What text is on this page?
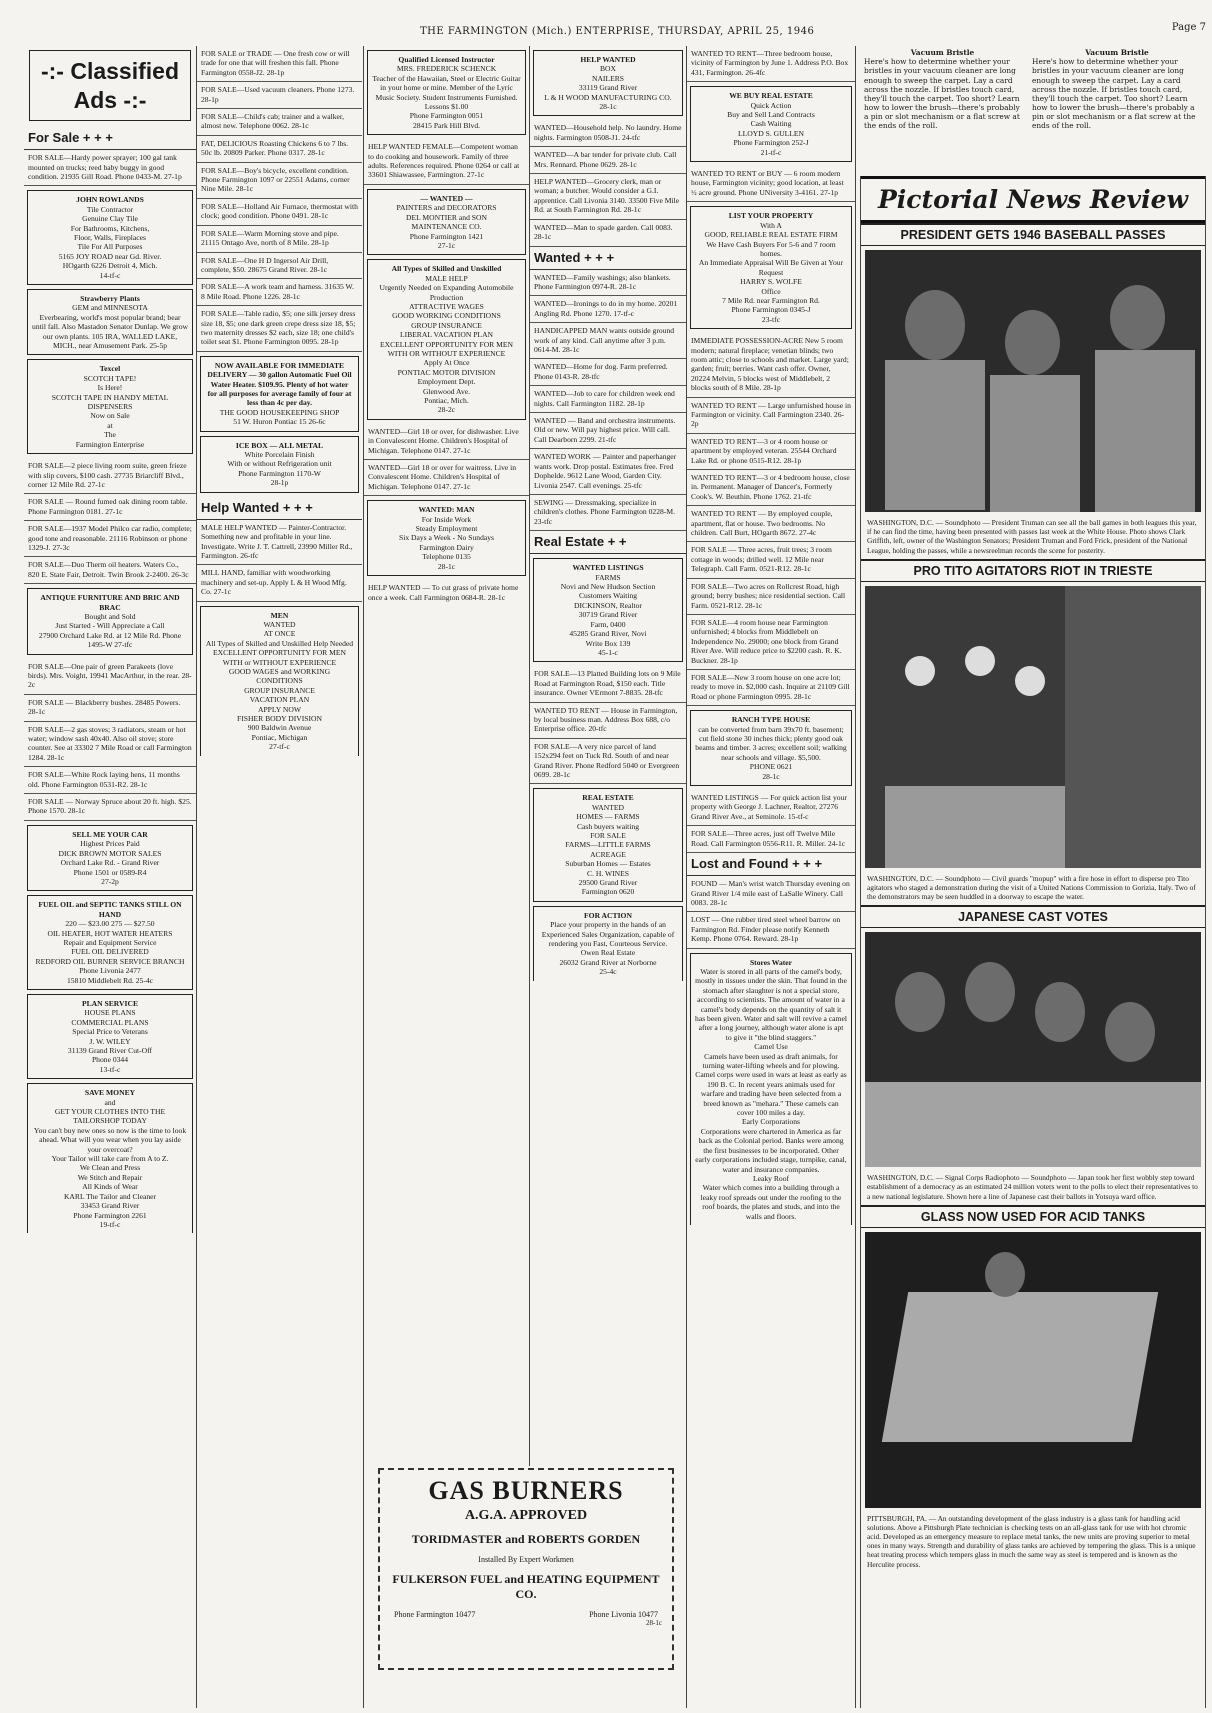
THE FARMINGTON (Mich.) ENTERPRISE, THURSDAY, APRIL 25, 1946	Page 7
-:- Classified Ads -:-
For Sale + + +
FOR SALE—Hardy power sprayer; 100 gal tank mounted on trucks; reed baby buggy in good condition. 21935 Gill Road. Phone 0433-M. 27-1p
JOHN ROWLANDS
Tile Contractor
Genuine Clay Tile
For Bathrooms, Kitchens,
Floor, Walls, Fireplaces
Tile For All Purposes
5165 JOY ROAD near Gd. River.
HOgarth 6226 Detroit 4, Mich.
14-tf-c
Strawberry Plants
GEM and MINNESOTA
Everbearing, world's most popular brand; bear until fall. Also Mastadon Senator Dunlap. We grow our own plants. 105 IRA, WALLED LAKE, MICH., near Amusement Park. 25-5p
Texcel
SCOTCH TAPE!
Is Here!
SCOTCH TAPE IN HANDY METAL DISPENSERS
Now on Sale
at
The
Farmington Enterprise
FOR SALE—2 piece living room suite, green frieze with slip covers, $100 cash. 27735 Briarcliff Blvd., corner 12 Mile Rd. 27-1c
FOR SALE — Round fumed oak dining room table. Phone Farmington 0181. 27-1c
FOR SALE—1937 Model Philco car radio, complete; good tone and reasonable. 21116 Robinson or phone 1329-J. 27-3c
FOR SALE—Duo Therm oil heaters. Waters Co., 820 E. State Fair, Detroit. Twin Brook 2-2400. 26-3c
ANTIQUE FURNITURE AND BRIC AND BRAC
Bought and Sold
Just Started - Will Appreciate a Call
27900 Orchard Lake Rd. at 12 Mile Rd. Phone 1495-W 27-tfc
FOR SALE—One pair of green Parakeets (love birds). Mrs. Voight, 19941 MacArthur, in the rear. 28-2c
FOR SALE — Blackberry bushes. 28485 Powers. 28-1c
FOR SALE—2 gas stoves; 3 radiators, steam or hot water; window sash 40x40. Also oil stove; store counter. See at 33302 7 Mile Road or call Farmington 1284. 28-1c
FOR SALE—White Rock laying hens, 11 months old. Phone Farmington 0531-R2. 28-1c
FOR SALE — Norway Spruce about 20 ft. high. $25. Phone 1570. 28-1c
SELL ME YOUR CAR
Highest Prices Paid
DICK BROWN MOTOR SALES
Orchard Lake Rd. - Grand River
Phone 1501 or 0589-R4
27-2p
FUEL OIL and SEPTIC TANKS STILL ON HAND
220 — $23.00 275 — $27.50
OIL HEATER, HOT WATER HEATERS
Repair and Equipment Service
FUEL OIL DELIVERED
REDFORD OIL BURNER SERVICE BRANCH
Phone Livonia 2477
15810 Middlebelt Rd. 25-4c
PLAN SERVICE
HOUSE PLANS
COMMERCIAL PLANS
Special Price to Veterans
J. W. WILEY
31139 Grand River Cut-Off
Phone 0344
13-tf-c
SAVE MONEY
and
GET YOUR CLOTHES INTO THE TAILORSHOP TODAY
You can't buy new ones so now is the time to look ahead. What will you wear when you lay aside your overcoat?
Your Tailor will take care from A to Z.
We Clean and Press
We Stitch and Repair
All Kinds of Wear
KARL The Tailor and Cleaner
33453 Grand River
Phone Farmington 2261
19-tf-c
FOR SALE or TRADE — One fresh cow or will trade for one that will freshen this fall. Phone Farmington 0558-J2. 28-1p
FOR SALE—Used vacuum cleaners. Phone 1273. 28-1p
FOR SALE—Child's cab; trainer and a walker, almost new. Telephone 0062. 28-1c
FAT, DELICIOUS Roasting Chickens 6 to 7 lbs. 50c lb. 20809 Parker. Phone 0317. 28-1c
FOR SALE—Boy's bicycle, excellent condition. Phone Farmington 1097 or 22551 Adams, corner Nine Mile. 28-1c
FOR SALE—Holland Air Furnace, thermostat with clock; good condition. Phone 0491. 28-1c
FOR SALE—Warm Morning stove and pipe. 21115 Ontago Ave, north of 8 Mile. 28-1p
FOR SALE—One H D Ingersol Air Drill, complete, $50. 28675 Grand River. 28-1c
FOR SALE—A work team and harness. 31635 W. 8 Mile Road. Phone 1226. 28-1c
FOR SALE—Table radio, $5; one silk jersey dress size 18, $5; one dark green crepe dress size 18, $5; two maternity dresses $2 each, size 18; one child's toilet seat $1. Phone Farmington 0095. 28-1p
NOW AVAILABLE FOR IMMEDIATE DELIVERY — 30 gallon Automatic Fuel Oil Water Heater. $109.95. Plenty of hot water for all purposes for average family of four at less than 4c per day.
THE GOOD HOUSEKEEPING SHOP
51 W. Huron Pontiac 15 26-6c
ICE BOX — ALL METAL
White Porcelain Finish
With or without Refrigeration unit
Phone Farmington 1170-W
28-1p
Help Wanted + + +
MALE HELP WANTED — Painter-Contractor. Something new and profitable in your line. Investigate. Write J. T. Cattrell, 23990 Miller Rd., Farmington. 26-tfc
MILL HAND, familiar with woodworking machinery and set-up. Apply L & H Wood Mfg. Co. 27-1c
MEN
WANTED
AT ONCE
All Types of Skilled and Unskilled Help Needed
EXCELLENT OPPORTUNITY FOR MEN WITH or WITHOUT EXPERIENCE
GOOD WAGES and WORKING CONDITIONS
GROUP INSURANCE
VACATION PLAN
APPLY NOW
FISHER BODY DIVISION
900 Baldwin Avenue
Pontiac, Michigan
27-tf-c
Qualified Licensed Instructor
MRS. FREDERICK SCHENCK
Teacher of the Hawaiian, Steel or Electric Guitar in your home or mine. Member of the Lyric Music Society. Student Instruments Furnished. Lessons $1.00
Phone Farmington 0051
28415 Park Hill Blvd.
HELP WANTED FEMALE—Competent woman to do cooking and housework. Family of three adults. References required. Phone 0264 or call at 33601 Shiawassee, Farmington. 27-1c
— WANTED —
PAINTERS and DECORATORS
DEL MONTIER and SON
MAINTENANCE CO.
Phone Farmington 1421
27-1c
All Types of Skilled and Unskilled
MALE HELP
Urgently Needed on Expanding Automobile Production
ATTRACTIVE WAGES
GOOD WORKING CONDITIONS
GROUP INSURANCE
LIBERAL VACATION PLAN
EXCELLENT OPPORTUNITY FOR MEN WITH OR WITHOUT EXPERIENCE
Apply At Once
PONTIAC MOTOR DIVISION
Employment Dept.
Glenwood Ave.
Pontiac, Mich.
28-2c
WANTED—Girl 18 or over, for dishwasher. Live in Convalescent Home. Children's Hospital of Michigan. Telephone 0147. 27-1c
WANTED—Girl 18 or over for waitress. Live in Convalescent Home. Children's Hospital of Michigan. Telephone 0147. 27-1c
WANTED: MAN
For Inside Work
Steady Employment
Six Days a Week - No Sundays
Farmington Dairy
Telephone 0135
28-1c
HELP WANTED — To cut grass of private home once a week. Call Farmington 0684-R. 28-1c
HELP WANTED
BOX
NAILERS
33119 Grand River
L & H WOOD MANUFACTURING CO.
28-1c
WANTED—Household help. No laundry. Home nights. Farmington 0508-J1. 24-tfc
WANTED—A bar tender for private club. Call Mrs. Rennard. Phone 0629. 28-1c
HELP WANTED—Grocery clerk, man or woman; a butcher. Would consider a G.I. apprentice. Call Livonia 3140. 33500 Five Mile Rd. at South Farmington Rd. 28-1c
WANTED—Man to spade garden. Call 0083. 28-1c
Wanted + + +
WANTED—Family washings; also blankets. Phone Farmington 0974-R. 28-1c
WANTED—Ironings to do in my home. 20201 Angling Rd. Phone 1270. 17-tf-c
HANDICAPPED MAN wants outside ground work of any kind. Call anytime after 3 p.m. 0614-M. 28-1c
WANTED—Home for dog. Farm preferred. Phone 0143-R. 28-tfc
WANTED—Job to care for children week end nights. Call Farmington 1182. 28-1p
WANTED — Band and orchestra instruments. Old or new. Will pay highest price. Will call. Call Dearborn 2299. 21-tfc
WANTED WORK — Painter and paperhanger wants work. Drop postal. Estimates free. Fred Dophelde. 9612 Lane Wood, Garden City. Livonia 2547. Call evenings. 25-tfc
SEWING — Dressmaking, specialize in children's clothes. Phone Farmington 0228-M. 23-tfc
Real Estate + +
WANTED LISTINGS
FARMS
Novi and New Hudson Section
Customers Waiting
DICKINSON, Realtor
30719 Grand River
Farm, 0400
45285 Grand River, Novi
Write Box 139
45-1-c
FOR SALE—13 Platted Building lots on 9 Mile Road at Farmington Road, $150 each. Title insurance. Owner VErmont 7-8835. 28-tfc
WANTED TO RENT — House in Farmington, by local business man. Address Box 688, c/o Enterprise office. 20-tfc
FOR SALE—A very nice parcel of land 152x294 feet on Tuck Rd. South of and near Grand River. Phone Redford 5040 or Evergreen 0699. 28-1c
REAL ESTATE
WANTED
HOMES — FARMS
Cash buyers waiting
FOR SALE
FARMS—LITTLE FARMS
ACREAGE
Suburban Homes — Estates
C. H. WINES
29500 Grand River
Farmington 0620
FOR ACTION
Place your property in the hands of an Experienced Sales Organization, capable of rendering you Fast, Courteous Service.
Owen Real Estate
26032 Grand River at Norborne
25-4c
WANTED TO RENT—Three bedroom house, vicinity of Farmington by June 1. Address P.O. Box 431, Farmington. 26-4fc
WE BUY REAL ESTATE
Quick Action
Buy and Sell Land Contracts
Cash Waiting
LLOYD S. GULLEN
Phone Farmington 252-J
21-tf-c
WANTED TO RENT or BUY — 6 room modern house, Farmington vicinity; good location, at least ½ acre ground. Phone UNiversity 3-4161. 27-1p
LIST YOUR PROPERTY
With A
GOOD, RELIABLE REAL ESTATE FIRM
We Have Cash Buyers For 5-6 and 7 room homes.
An Immediate Appraisal Will Be Given at Your Request
HARRY S. WOLFE
Office
7 Mile Rd. near Farmington Rd.
Phone Farmington 0345-J
23-tfc
IMMEDIATE POSSESSION-ACRE New 5 room modern; natural fireplace; venetian blinds; two room attic; close to schools and market. Large yard; garden; fruit; berries. Want cash offer. Owner, 20224 Melvin, 5 blocks west of Middlebelt, 2 blocks south of 8 Mile. 28-1p
WANTED TO RENT — Large unfurnished house in Farmington or vicinity. Call Farmington 2340. 26-2p
WANTED TO RENT—3 or 4 room house or apartment by employed veteran. 25544 Orchard Lake Rd. or phone 0515-R12. 28-1p
WANTED TO RENT—3 or 4 bedroom house, close in. Permanent. Manager of Dancer's, Formerly Cook's. W. Beuthin. Phone 1762. 21-tfc
WANTED TO RENT — By employed couple, apartment, flat or house. Two bedrooms. No children. Call Burt, HOgarth 8672. 27-4c
FOR SALE — Three acres, fruit trees; 3 room cottage in woods; drilled well. 12 Mile near Telegraph. Call Farm. 0521-R12. 28-1c
FOR SALE—Two acres on Rollcrest Road, high ground; berry bushes; nice residential section. Call Farm. 0521-R12. 28-1c
FOR SALE—4 room house near Farmington unfurnished; 4 blocks from Middlebelt on Independence No. 29000; one block from Grand River Ave. Will reduce price to $2200 cash. R. K. Buckner. 28-1p
FOR SALE—New 3 room house on one acre lot; ready to move in. $2,000 cash. Inquire at 21109 Gill Road or phone Farmington 0995. 28-1c
RANCH TYPE HOUSE
can be converted from barn 39x70 ft. basement; cut field stone 30 inches thick; plenty good oak beams and timber. 3 acres; excellent soil; walking near schools and village. $5,500.
PHONE 0621
28-1c
WANTED LISTINGS — For quick action list your property with George J. Lachner, Realtor, 27276 Grand River Ave., at Seminole. 15-tf-c
FOR SALE—Three acres, just off Twelve Mile Road. Call Farmington 0556-R11. R. Miller. 24-1c
Lost and Found + + +
FOUND — Man's wrist watch Thursday evening on Grand River 1/4 mile east of LaSalle Winery. Call 0083. 28-1c
LOST — One rubber tired steel wheel barrow on Farmington Rd. Finder please notify Kenneth Kemp. Phone 0764. Reward. 28-1p
Stores Water
Water is stored in all parts of the camel's body, mostly in tissues under the skin. That found in the stomach after slaughter is not a special store, according to scientists. The amount of water in a camel's body depends on the quantity of salt it has been given. Water and salt will revive a camel after a long journey, although water alone is apt to give it "the blind staggers."
Camel Use
Camels have been used as draft animals, for turning water-lifting wheels and for plowing. Camel corps were used in wars at least as early as 190 B. C. In recent years animals used for warfare and trading have been selected from a breed known as "mehara." These camels can cover 100 miles a day.
Early Corporations
Corporations were chartered in America as far back as the Colonial period. Banks were among the first businesses to be incorporated. Other early corporations included stage, turnpike, canal, water and insurance companies.
Leaky Roof
Water which comes into a building through a leaky roof spreads out under the roofing to the roof boards, the plates and studs, and into the walls and floors.
GAS BURNERS
A.G.A. APPROVED
TORIDMASTER and ROBERTS GORDEN
Installed By Expert Workmen
FULKERSON FUEL and HEATING EQUIPMENT CO.
Phone Farmington 10477	Phone Livonia 10477
28-1c
Vacuum Bristle
Here's how to determine whether your bristles in your vacuum cleaner are long enough to sweep the carpet. Lay a card across the nozzle. If bristles touch card, they'll touch the carpet. Too short? Learn how to lower the brush—there's probably a pin or slot mechanism or a flat screw at the ends of the roll.
Vacuum Bristle
Here's how to determine whether your bristles in your vacuum cleaner are long enough to sweep the carpet. Lay a card across the nozzle. If bristles touch card, they'll touch the carpet. Too short? Learn how to lower the brush—there's probably a pin or slot mechanism or a flat screw at the ends of the roll.
Pictorial News Review
PRESIDENT GETS 1946 BASEBALL PASSES
WASHINGTON, D.C. — Soundphoto — President Truman can see all the ball games in both leagues this year, if he can find the time, having been presented with passes last week at the White House. Photo shows Clark Griffith, left, owner of the Washington Senators; President Truman and Ford Frick, president of the National League, holding the passes, while a newsreelman records the scene for posterity.
PRO TITO AGITATORS RIOT IN TRIESTE
WASHINGTON, D.C. — Soundphoto — Civil guards "mopup" with a fire hose in effort to disperse pro Tito agitators who staged a demonstration during the visit of a United Nations Commission to Gorizia, Italy. Two of the demonstrators may be seen huddled in a doorway to escape the water.
JAPANESE CAST VOTES
WASHINGTON, D.C. — Signal Corps Radiophoto — Soundphoto — Japan took her first wobbly step toward establishment of a democracy as an estimated 24 million voters went to the polls to elect their representatives to a new national legislature. Shown here a line of Japanese cast their ballots in Yotsuya ward office.
GLASS NOW USED FOR ACID TANKS
PITTSBURGH, PA. — An outstanding development of the glass industry is a glass tank for handling acid solutions. Above a Pittsburgh Plate technician is checking tests on an all-glass tank for use with hot chromic acid. Developed as an emergency measure to replace metal tanks, the new units are proving superior to metal ones in many ways. Strength and durability of glass tanks are achieved by tempering the glass. This is a unique heat treating process which tempers glass in much the same way as steel is tempered and is known as the Herculite process.
